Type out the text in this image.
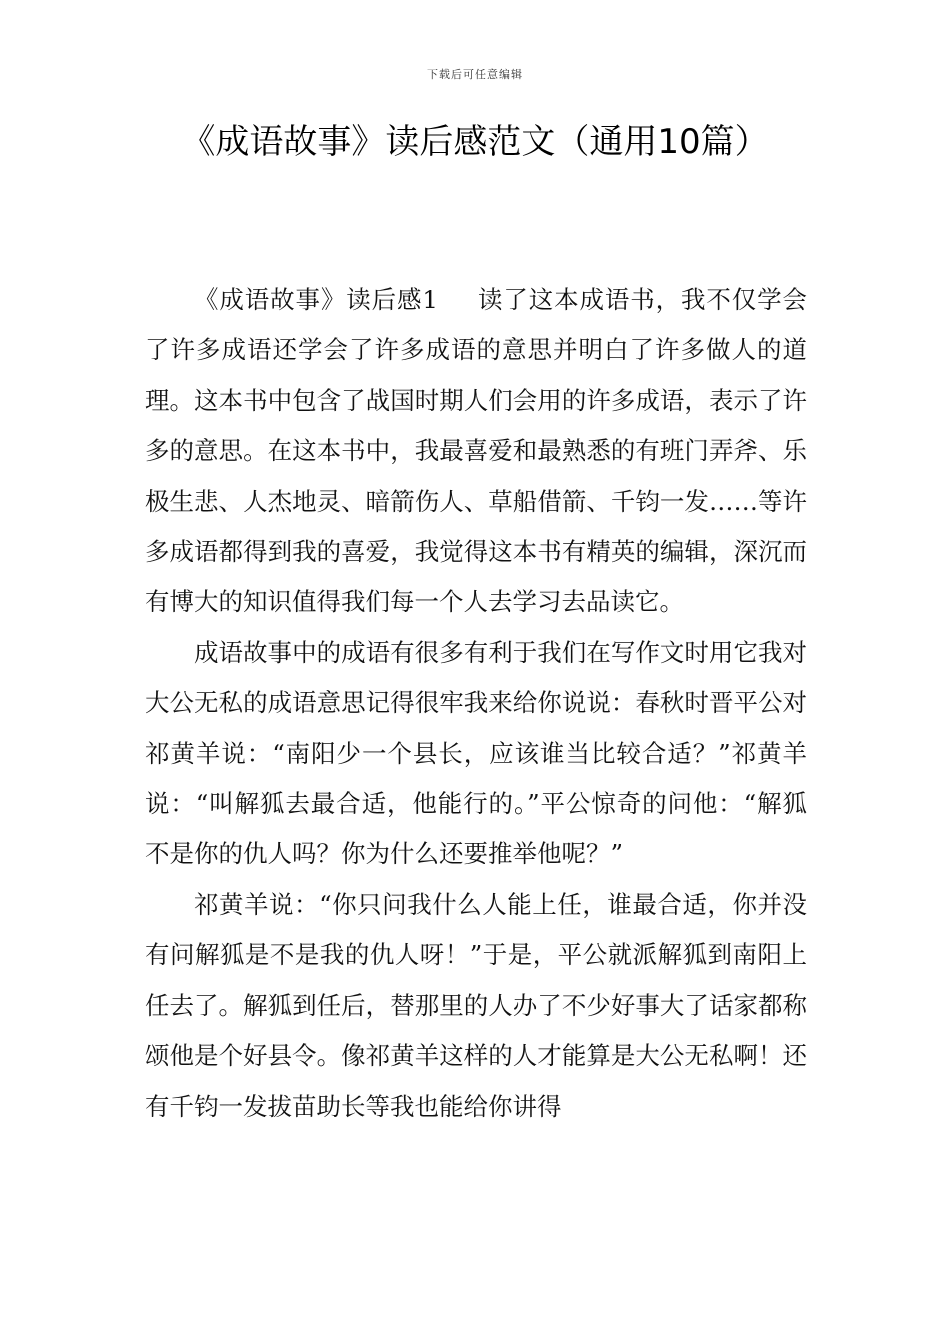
下载后可任意编辑
《成语故事》读后感范文（通用10篇）

《成语故事》读后感1 读了这本成语书，我不仅学会了许多成语还学会了许多成语的意思并明白了许多做人的道理。这本书中包含了战国时期人们会用的许多成语，表示了许多的意思。在这本书中，我最喜爱和最熟悉的有班门弄斧、乐极生悲、人杰地灵、暗箭伤人、草船借箭、千钧一发……等许多成语都得到我的喜爱，我觉得这本书有精英的编辑，深沉而有博大的知识值得我们每一个人去学习去品读它。

成语故事中的成语有很多有利于我们在写作文时用它我对大公无私的成语意思记得很牢我来给你说说：春秋时晋平公对祁黄羊说：“南阳少一个县长，应该谁当比较合适？”祁黄羊说：“叫解狐去最合适，他能行的。”平公惊奇的问他：“解狐不是你的仇人吗？你为什么还要推举他呢？”

祁黄羊说：“你只问我什么人能上任，谁最合适，你并没有问解狐是不是我的仇人呀！”于是，平公就派解狐到南阳上任去了。解狐到任后，替那里的人办了不少好事大了话家都称颂他是个好县令。像祁黄羊这样的人才能算是大公无私啊！还有千钧一发拔苗助长等我也能给你讲得
